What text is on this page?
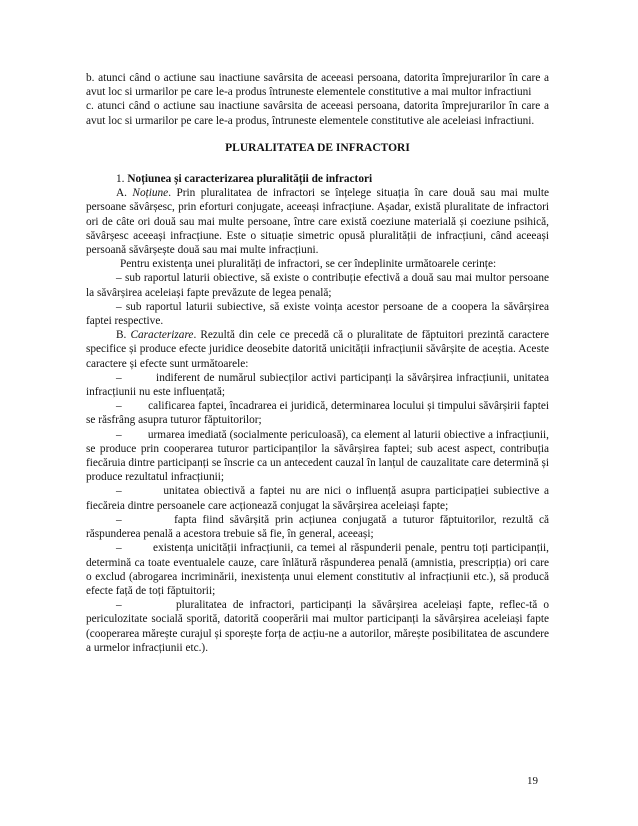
b. atunci când o actiune sau inactiune savârsita de aceeasi persoana, datorita împrejurarilor în care a avut loc si urmarilor pe care le-a produs întruneste elementele constitutive a mai multor infractiuni

c. atunci când o actiune sau inactiune savârsita de aceeasi persoana, datorita împrejurarilor în care a avut loc si urmarilor pe care le-a produs, întruneste elementele constitutive ale aceleiasi infractiuni.

PLURALITATEA DE INFRACTORI

1. Noțiunea și caracterizarea pluralității de infractori

A. Noțiune. Prin pluralitatea de infractori se înțelege situația în care două sau mai multe persoane săvârșesc, prin eforturi conjugate, aceeași infracțiune. Așadar, există pluralitate de infractori ori de câte ori două sau mai multe persoane, între care există coeziune materială și coeziune psihică, săvârșesc aceeași infracțiune. Este o situație simetric opusă pluralității de infracțiuni, când aceeași persoană săvârșește două sau mai multe infracțiuni.

Pentru existența unei pluralități de infractori, se cer îndeplinite următoarele cerințe:

– sub raportul laturii obiective, să existe o contribuție efectivă a două sau mai multor persoane la săvârșirea aceleiași fapte prevăzute de legea penală;

– sub raportul laturii subiective, să existe voința acestor persoane de a coopera la săvârșirea faptei respective.

B. Caracterizare. Rezultă din cele ce precedă că o pluralitate de făptuitori prezintă caractere specifice și produce efecte juridice deosebite datorită unicității infracțiunii săvârșite de aceștia. Aceste caractere și efecte sunt următoarele:

–         indiferent de numărul subiecților activi participanți la săvârșirea infracțiunii, unitatea infracțiunii nu este influențată;

–         calificarea faptei, încadrarea ei juridică, determinarea locului și timpului săvârșirii faptei se răsfrâng asupra tuturor făptuitorilor;

–         urmarea imediată (socialmente periculoasă), ca element al laturii obiective a infracțiunii, se produce prin cooperarea tuturor participanților la săvârșirea faptei; sub acest aspect, contribuția fiecăruia dintre participanți se înscrie ca un antecedent cauzal în lanțul de cauzalitate care determină și produce rezultatul infracțiunii;

–         unitatea obiectivă a faptei nu are nici o influență asupra participației subiective a fiecăreia dintre persoanele care acționează conjugat la săvârșirea aceleiași fapte;

–         fapta fiind săvârșită prin acțiunea conjugată a tuturor făptuitorilor, rezultă că răspunderea penală a acestora trebuie să fie, în general, aceeași;

–         existența unicității infracțiunii, ca temei al răspunderii penale, pentru toți participanții, determină ca toate eventualele cauze, care înlătură răspunderea penală (amnistia, prescripția) ori care o exclud (abrogarea incriminării, inexistența unui element constitutiv al infracțiunii etc.), să producă efecte față de toți făptuitorii;

–         pluralitatea de infractori, participanți la săvârșirea aceleiași fapte, reflec-tă o periculozitate socială sporită, datorită cooperării mai multor participanți la săvârșirea aceleiași fapte (cooperarea mărește curajul și sporește forța de acțiu-ne a autorilor, mărește posibilitatea de ascundere a urmelor infracțiunii etc.).

19
